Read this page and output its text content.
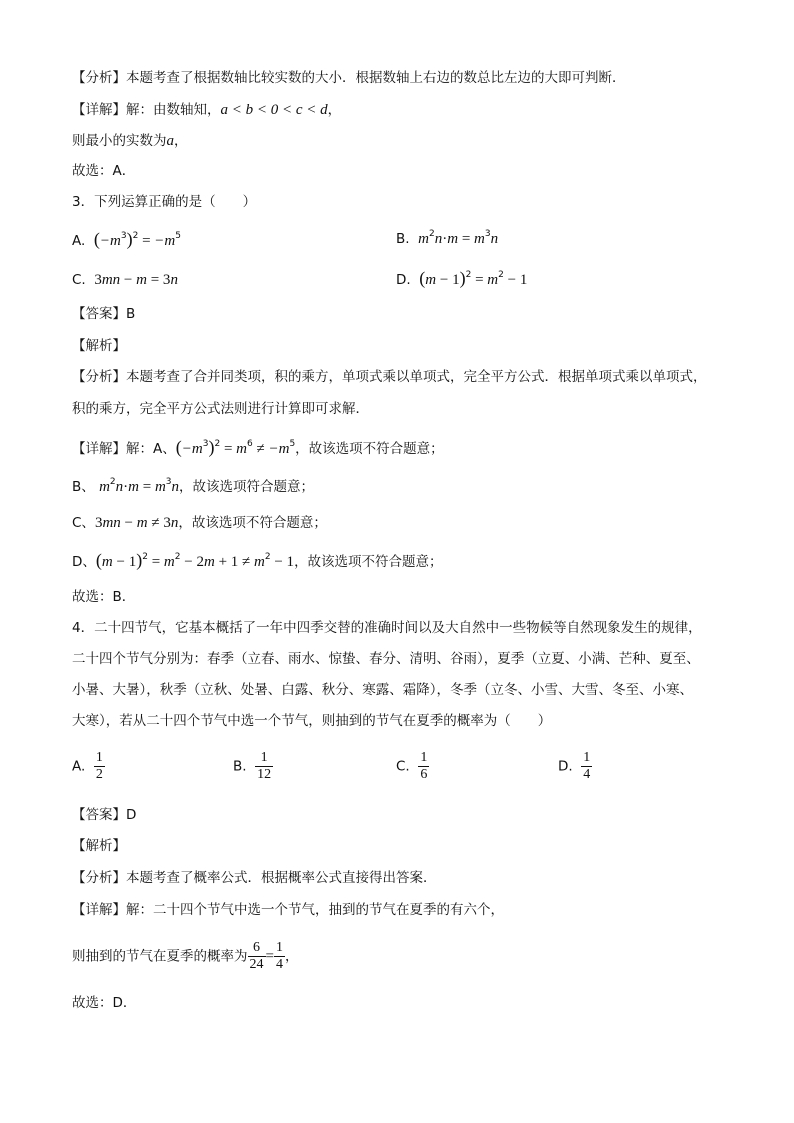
【分析】本题考查了根据数轴比较实数的大小．根据数轴上右边的数总比左边的大即可判断．
【详解】解：由数轴知，a < b < 0 < c < d，
则最小的实数为a，
故选：A．
3．下列运算正确的是（　　）
A. $(-m^3)^2 = -m^5$	B. $m^2n\cdot m = m^3n$
C. 3mn − m = 3n	D. $(m - 1)^2 = m^2 - 1$
【答案】B
【解析】
【分析】本题考查了合并同类项，积的乘方，单项式乘以单项式，完全平方公式．根据单项式乘以单项式，
积的乘方，完全平方公式法则进行计算即可求解．
【详解】解：A、$(-m^3)^2 = m^6 \ne -m^5$，故该选项不符合题意；
B、 $m^2n\cdot m = m^3n$，故该选项符合题意；
C、3mn − m ≠ 3n，故该选项不符合题意；
D、$(m - 1)^2 = m^2 - 2m + 1 \ne m^2 - 1$，故该选项不符合题意；
故选：B．
4．二十四节气，它基本概括了一年中四季交替的准确时间以及大自然中一些物候等自然现象发生的规律，
二十四个节气分别为：春季（立春、雨水、惊蛰、春分、清明、谷雨），夏季（立夏、小满、芒种、夏至、
小暑、大暑），秋季（立秋、处暑、白露、秋分、寒露、霜降），冬季（立冬、小雪、大雪、冬至、小寒、
大寒），若从二十四个节气中选一个节气，则抽到的节气在夏季的概率为（　　）
A. $\frac{1}{2}$	B. $\frac{1}{12}$	C. $\frac{1}{6}$	D. $\frac{1}{4}$
【答案】D
【解析】
【分析】本题考查了概率公式．根据概率公式直接得出答案．
【详解】解：二十四个节气中选一个节气，抽到的节气在夏季的有六个，
则抽到的节气在夏季的概率为 $\frac{6}{24} = \frac{1}{4}$ ，
故选：D．
